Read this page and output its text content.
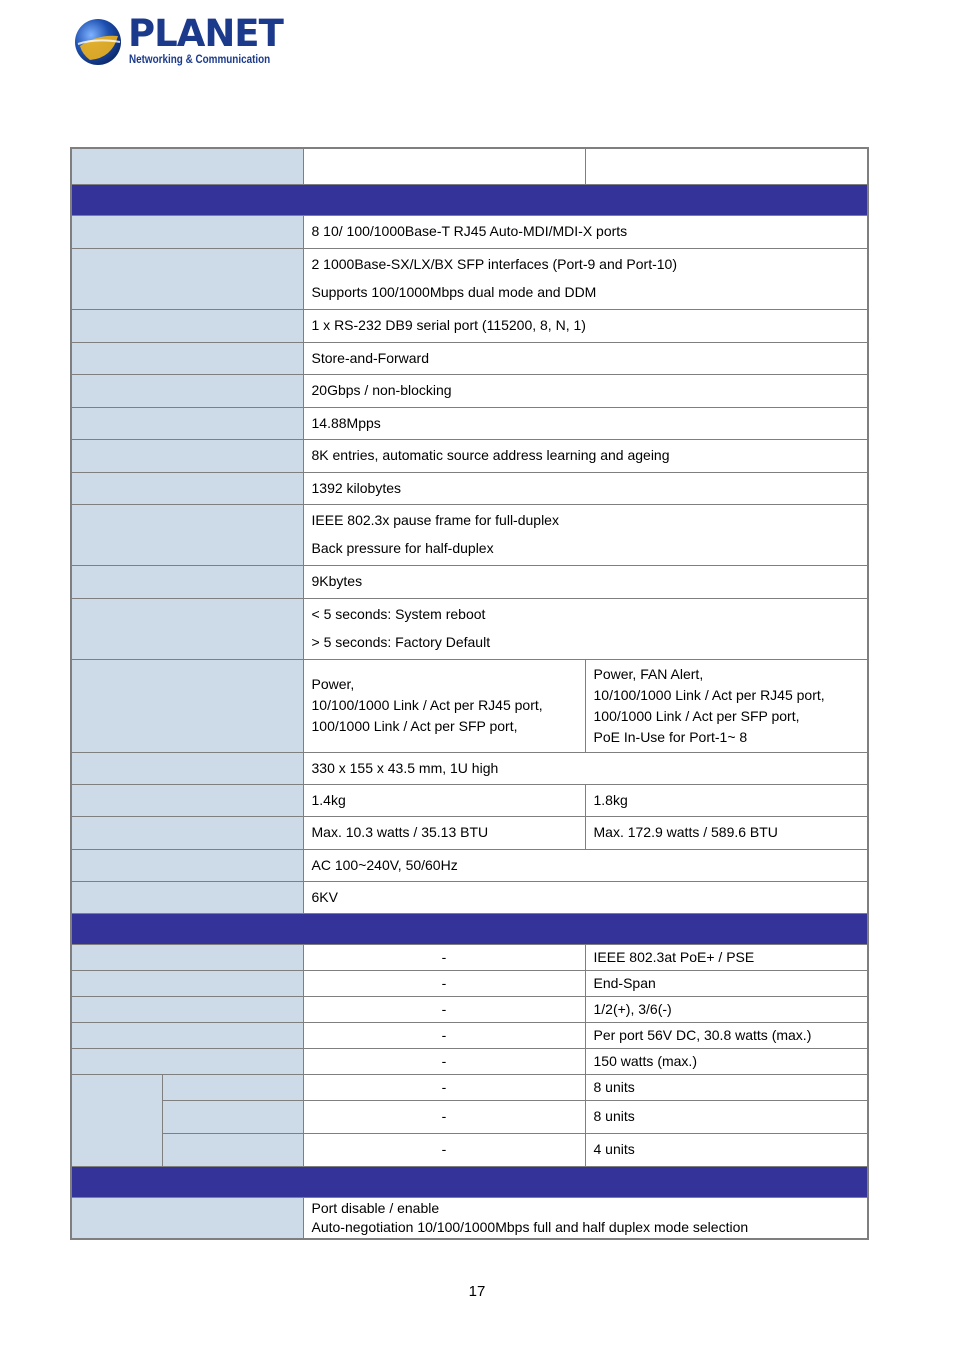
PLANET
Networking & Communication

		8 10/ 100/1000Base-T RJ45 Auto-MDI/MDI-X ports	

		2 1000Base-SX/LX/BX SFP interfaces (Port-9 and Port-10)
Supports 100/1000Mbps dual mode and DDM	

		1 x RS-232 DB9 serial port (115200, 8, N, 1)	
		Store-and-Forward	
		20Gbps / non-blocking	
		14.88Mpps	
		8K entries, automatic source address learning and ageing	
		1392 kilobytes	

		IEEE 802.3x pause frame for full-duplex
Back pressure for half-duplex	

		9Kbytes	

		< 5 seconds: System reboot
> 5 seconds: Factory Default	

		Power,
10/100/1000 Link / Act per RJ45 port,
100/1000 Link / Act per SFP port,	Power, FAN Alert,
10/100/1000 Link / Act per RJ45 port,
100/1000 Link / Act per SFP port,
PoE In-Use for Port-1~ 8

		330 x 155 x 43.5 mm, 1U high	
		1.4kg	1.8kg
		Max. 10.3 watts / 35.13 BTU	Max. 172.9 watts / 589.6 BTU
		AC 100~240V, 50/60Hz	
		6KV	

		-	IEEE 802.3at PoE+ / PSE
		-	End-Span
		-	1/2(+), 3/6(-)
		-	Per port 56V DC, 30.8 watts (max.)
		-	150 watts (max.)
		-	8 units
		-	8 units
		-	4 units

		Port disable / enable
Auto-negotiation 10/100/1000Mbps full and half duplex mode selection	
17
